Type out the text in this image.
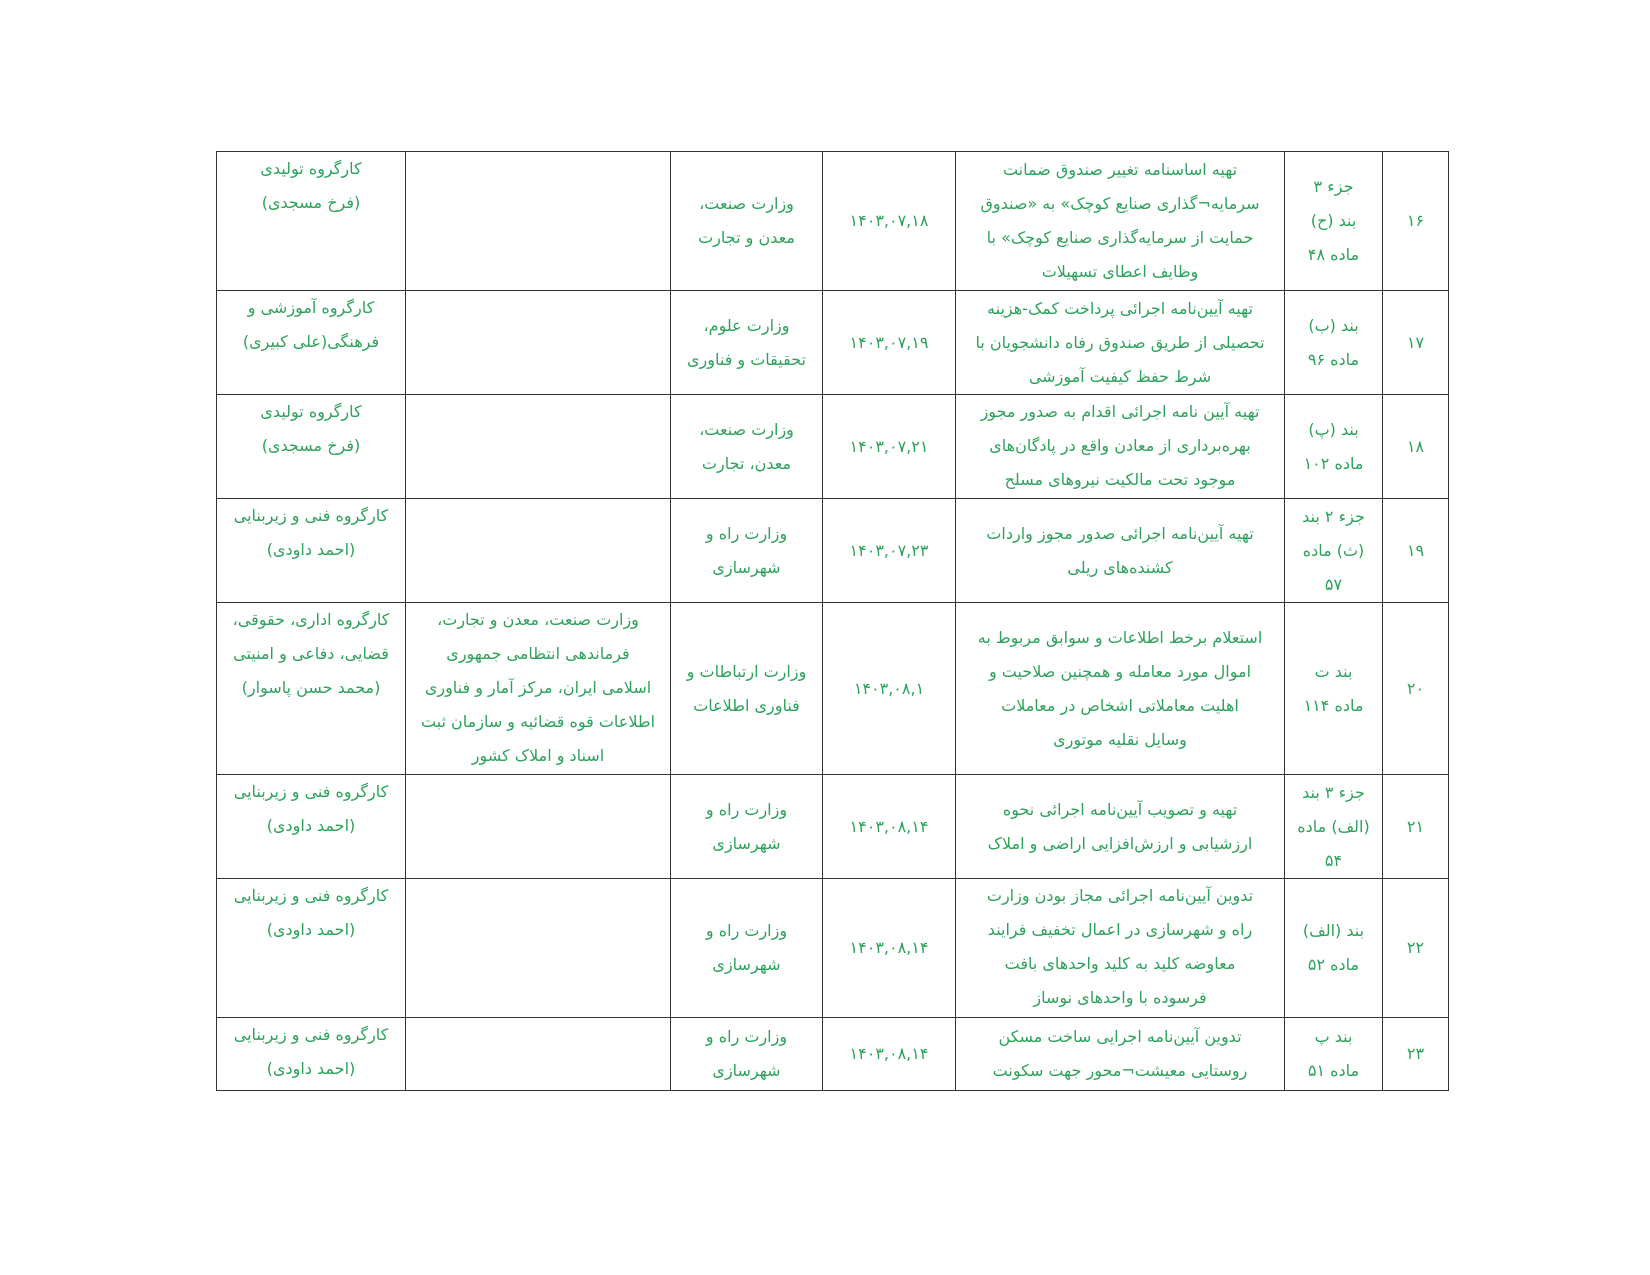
۱۶	جزء ۳
بند (ح)
ماده ۴۸	تهیه اساسنامه تغییر صندوق ضمانت
سرمایه¬گذاری صنایع کوچک» به «صندوق
حمایت از سرمایه‌گذاری صنایع کوچک» با
وظایف اعطای تسهیلات	۱۴۰۳,۰۷,۱۸	وزارت صنعت،
معدن و تجارت		کارگروه تولیدی
(فرخ مسجدی)

۱۷	بند (ب)
ماده ۹۶	تهیه آیین‌نامه اجرائی پرداخت کمک-هزینه
تحصیلی از طریق صندوق رفاه دانشجویان با
شرط حفظ کیفیت آموزشی	۱۴۰۳,۰۷,۱۹	وزارت علوم،
تحقیقات و فناوری		کارگروه آموزشی و
فرهنگی(علی کبیری)

۱۸	بند (پ)
ماده ۱۰۲	تهیه آیین نامه اجرائی اقدام به صدور مجوز
بهره‌برداری از معادن واقع در پادگان‌های
موجود تحت مالکیت نیروهای مسلح	۱۴۰۳,۰۷,۲۱	وزارت صنعت،
معدن، تجارت		کارگروه تولیدی
(فرخ مسجدی)

۱۹	جزء ۲ بند
(ث) ماده
۵۷	تهیه آیین‌نامه اجرائی صدور مجوز واردات
کشنده‌های ریلی	۱۴۰۳,۰۷,۲۳	وزارت راه و
شهرسازی		کارگروه فنی و زیربنایی
(احمد داودی)

۲۰	بند ت
ماده ۱۱۴	استعلام برخط اطلاعات و سوابق مربوط به
اموال مورد معامله و همچنین صلاحیت و
اهلیت معاملاتی اشخاص در معاملات
وسایل نقلیه موتوری	۱۴۰۳,۰۸,۱	وزارت ارتباطات و
فناوری اطلاعات	وزارت صنعت، معدن و تجارت،
فرماندهی انتظامی جمهوری
اسلامی ایران، مرکز آمار و فناوری
اطلاعات قوه قضائیه و سازمان ثبت
اسناد و املاک کشور	کارگروه اداری، حقوقی،
قضایی، دفاعی و امنیتی
(محمد حسن پاسوار)

۲۱	جزء ۳ بند
(الف) ماده
۵۴	تهیه و تصویب آیین‌نامه اجرائی نحوه
ارزشیابی و ارزش‌افزایی اراضی و املاک	۱۴۰۳,۰۸,۱۴	وزارت راه و
شهرسازی		کارگروه فنی و زیربنایی
(احمد داودی)

۲۲	بند (الف)
ماده ۵۲	تدوین آیین‌نامه اجرائی مجاز بودن وزارت
راه و شهرسازی در اعمال تخفیف فرایند
معاوضه کلید به کلید واحدهای بافت
فرسوده با واحدهای نوساز	۱۴۰۳,۰۸,۱۴	وزارت راه و
شهرسازی		کارگروه فنی و زیربنایی
(احمد داودی)

۲۳	بند پ
ماده ۵۱	تدوین آیین‌نامه اجرایی ساخت مسکن
روستایی معیشت¬محور جهت سکونت	۱۴۰۳,۰۸,۱۴	وزارت راه و
شهرسازی		کارگروه فنی و زیربنایی
(احمد داودی)
